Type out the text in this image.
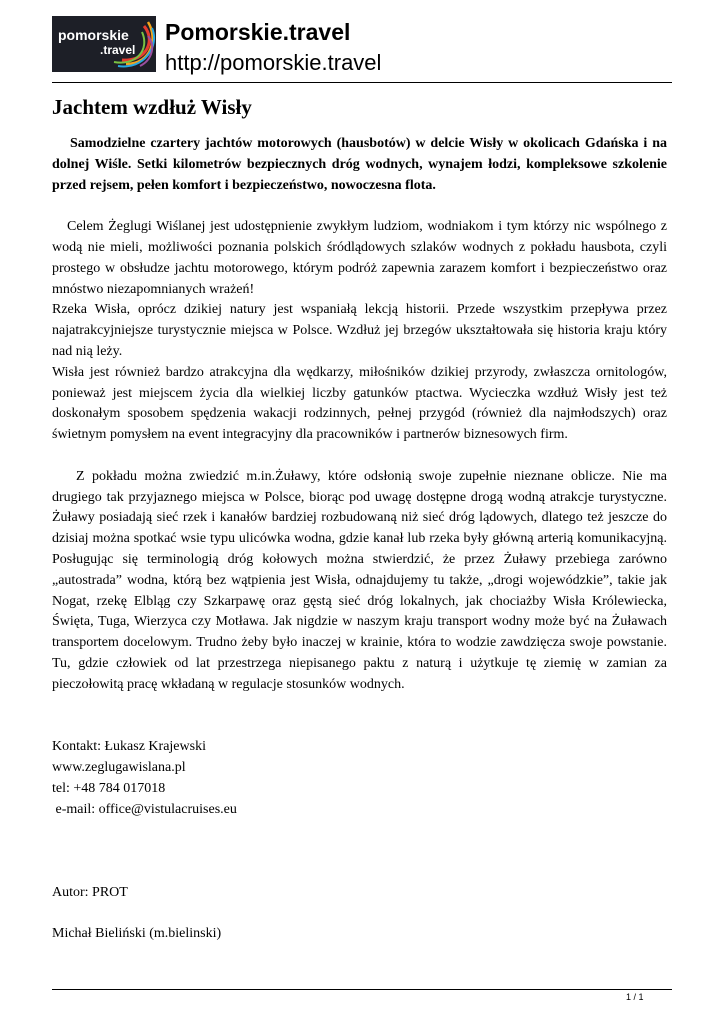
pomorskie
.travel
Pomorskie.travel
http://pomorskie.travel
Jachtem wzdłuż Wisły

Samodzielne czartery jachtów motorowych (hausbotów) w delcie Wisły w okolicach Gdańska i na dolnej Wiśle. Setki kilometrów bezpiecznych dróg wodnych, wynajem łodzi, kompleksowe szkolenie przed rejsem, pełen komfort i bezpieczeństwo, nowoczesna flota.

Celem Żeglugi Wiślanej jest udostępnienie zwykłym ludziom, wodniakom i tym którzy nic wspólnego z wodą nie mieli, możliwości poznania polskich śródlądowych szlaków wodnych z pokładu hausbota, czyli prostego w obsłudze jachtu motorowego, którym podróż zapewnia zarazem komfort i bezpieczeństwo oraz mnóstwo niezapomnianych wrażeń!

Rzeka Wisła, oprócz dzikiej natury jest wspaniałą lekcją historii. Przede wszystkim przepływa przez najatrakcyjniejsze turystycznie miejsca w Polsce. Wzdłuż jej brzegów ukształtowała się historia kraju który nad nią leży.

Wisła jest również bardzo atrakcyjna dla wędkarzy, miłośników dzikiej przyrody, zwłaszcza ornitologów, ponieważ jest miejscem życia dla wielkiej liczby gatunków ptactwa. Wycieczka wzdłuż Wisły jest też doskonałym sposobem spędzenia wakacji rodzinnych, pełnej przygód (również dla najmłodszych) oraz świetnym pomysłem na event integracyjny dla pracowników i partnerów biznesowych firm.

Z pokładu można zwiedzić m.in.Żuławy, które odsłonią swoje zupełnie nieznane oblicze. Nie ma drugiego tak przyjaznego miejsca w Polsce, biorąc pod uwagę dostępne drogą wodną atrakcje turystyczne. Żuławy posiadają sieć rzek i kanałów bardziej rozbudowaną niż sieć dróg lądowych, dlatego też jeszcze do dzisiaj można spotkać wsie typu ulicówka wodna, gdzie kanał lub rzeka były główną arterią komunikacyjną. Posługując się terminologią dróg kołowych można stwierdzić, że przez Żuławy przebiega zarówno „autostrada” wodna, którą bez wątpienia jest Wisła, odnajdujemy tu także, „drogi wojewódzkie”, takie jak Nogat, rzekę Elbląg czy Szkarpawę oraz gęstą sieć dróg lokalnych, jak chociażby Wisła Królewiecka, Święta, Tuga, Wierzyca czy Motława. Jak nigdzie w naszym kraju transport wodny może być na Żuławach transportem docelowym. Trudno żeby było inaczej w krainie, która to wodzie zawdzięcza swoje powstanie. Tu, gdzie człowiek od lat przestrzega niepisanego paktu z naturą i użytkuje tę ziemię w zamian za pieczołowitą pracę wkładaną w regulacje stosunków wodnych.

Kontakt: Łukasz Krajewski

www.zeglugawislana.pl

tel: +48 784 017018

e-mail: office@vistulacruises.eu

Autor: PROT

Michał Bieliński (m.bielinski)

1 / 1
